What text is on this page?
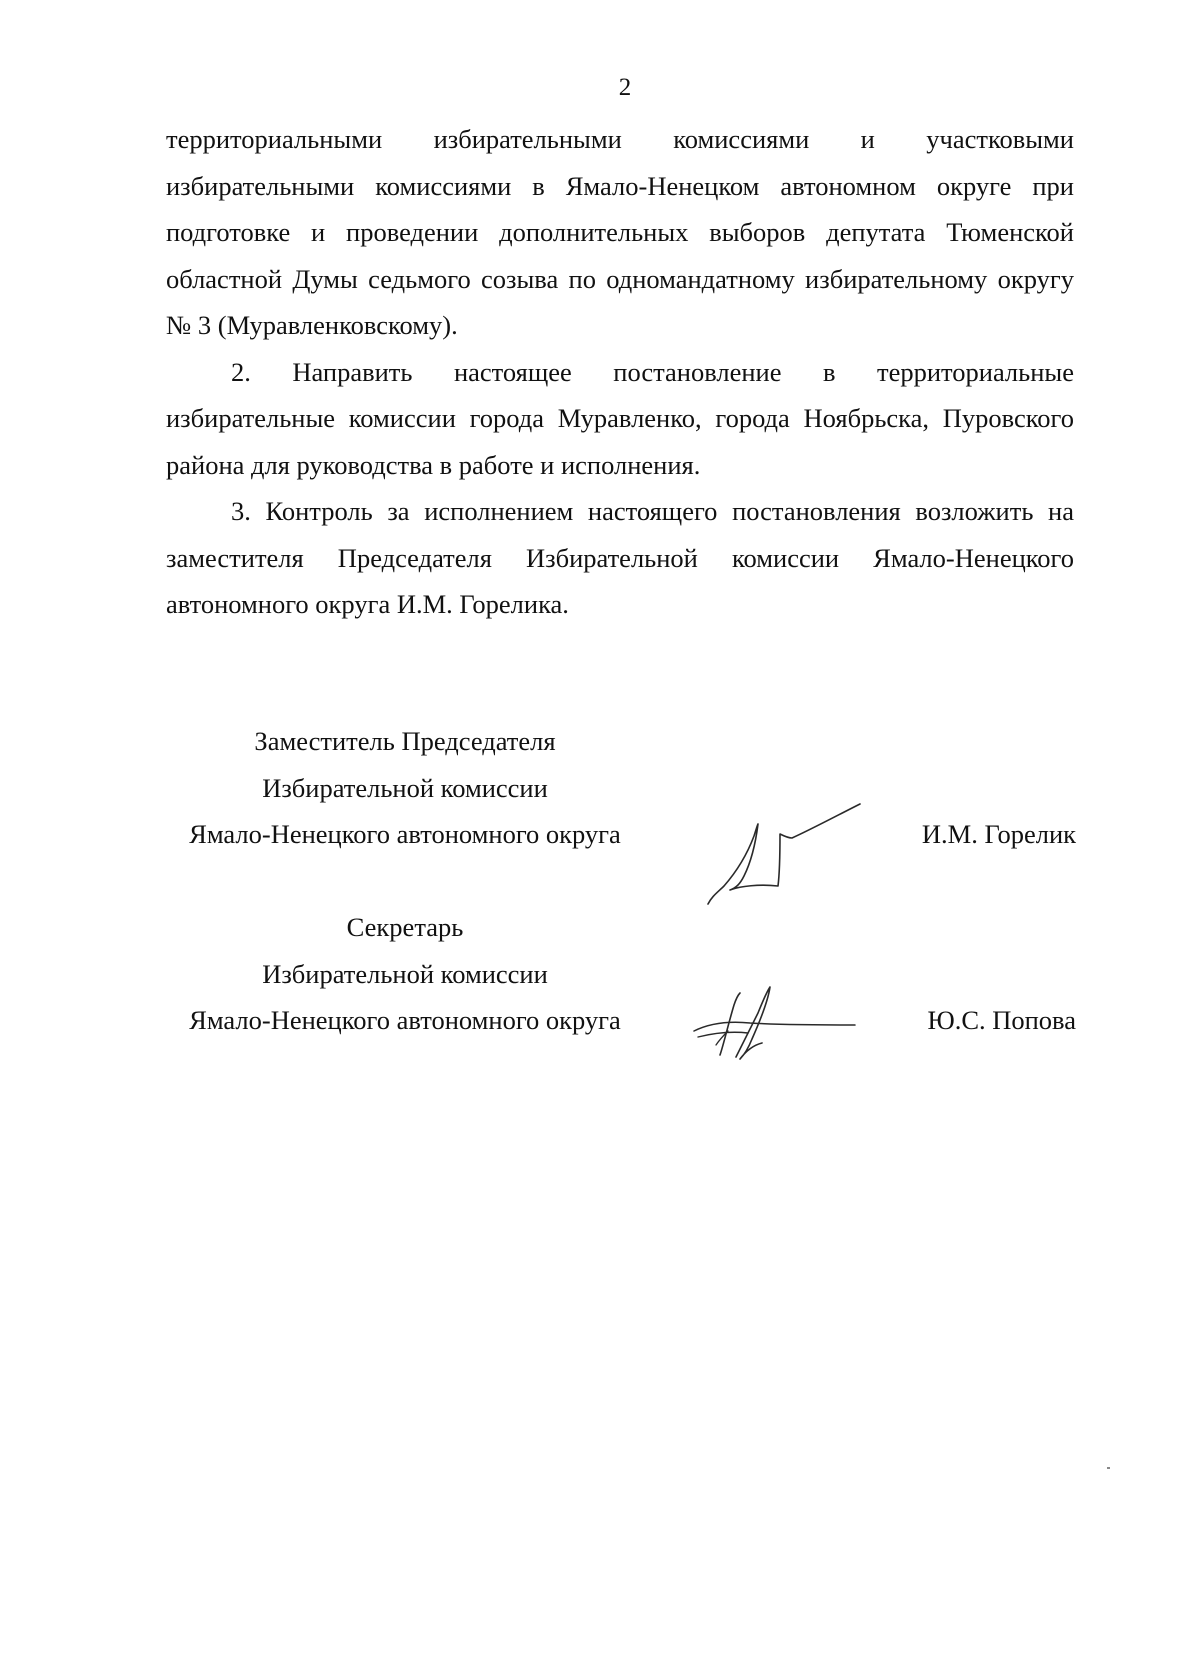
2

территориальными избирательными комиссиями и участковыми
избирательными комиссиями в Ямало-Ненецком автономном округе при
подготовке и проведении дополнительных выборов депутата Тюменской
областной Думы седьмого созыва по одномандатному избирательному округу
№ 3 (Муравленковскому).

2. Направить настоящее постановление в территориальные
избирательные комиссии города Муравленко, города Ноябрьска, Пуровского
района для руководства в работе и исполнения.

3. Контроль за исполнением настоящего постановления возложить на
заместителя Председателя Избирательной комиссии Ямало-Ненецкого
автономного округа И.М. Горелика.

Заместитель Председателя
Избирательной комиссии
Ямало-Ненецкого автономного округа	И.М. Горелик
Секретарь
Избирательной комиссии
Ямало-Ненецкого автономного округа	Ю.С. Попова
